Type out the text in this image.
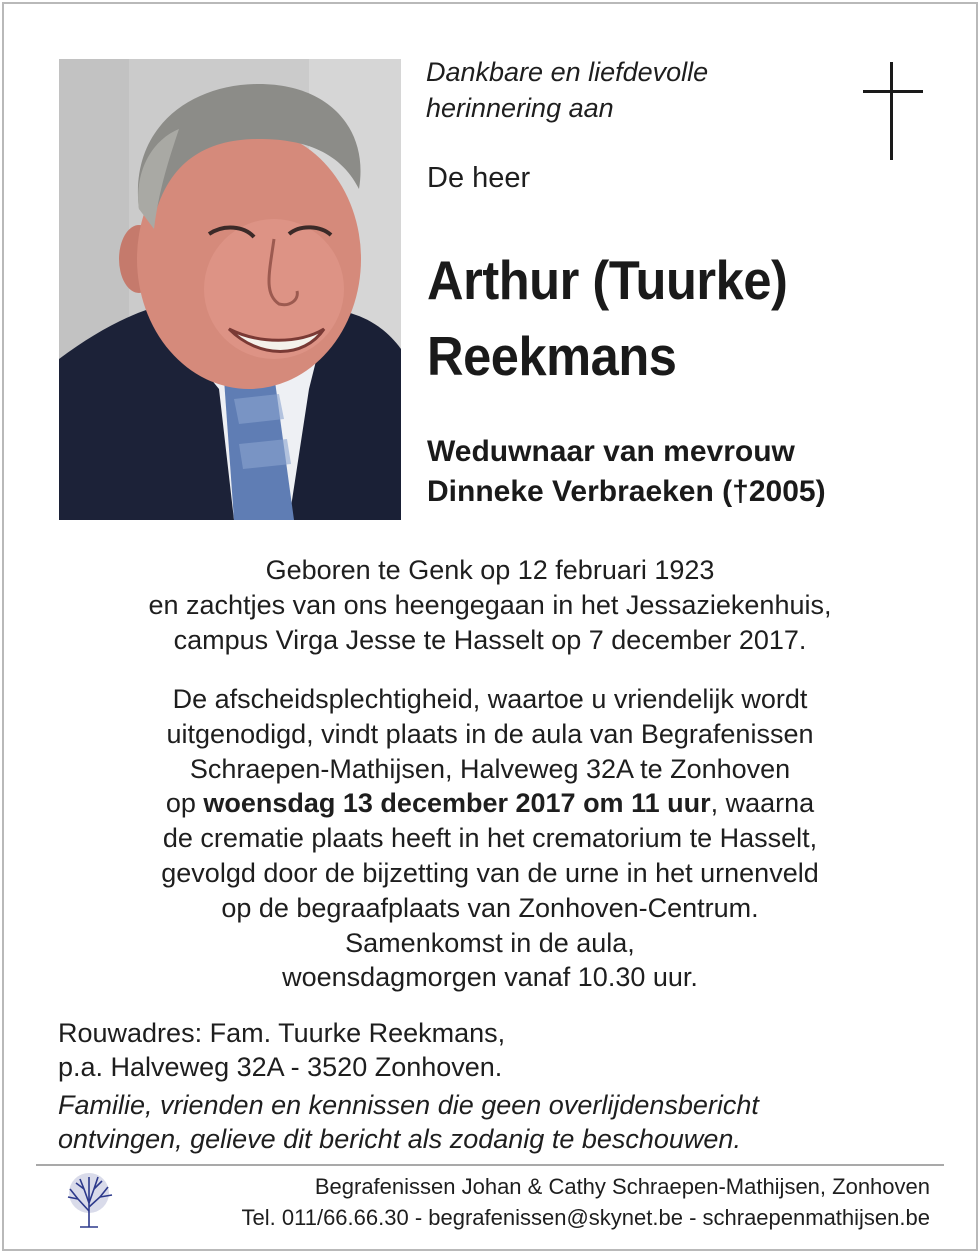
Dankbare en liefdevolle
herinnering aan
De heer
Arthur (Tuurke)
Reekmans
Weduwnaar van mevrouw
Dinneke Verbraeken (†2005)
Geboren te Genk op 12 februari 1923
en zachtjes van ons heengegaan in het Jessaziekenhuis,
campus Virga Jesse te Hasselt op 7 december 2017.
De afscheidsplechtigheid, waartoe u vriendelijk wordt
uitgenodigd, vindt plaats in de aula van Begrafenissen
Schraepen-Mathijsen, Halveweg 32A te Zonhoven
op woensdag 13 december 2017 om 11 uur, waarna
de crematie plaats heeft in het crematorium te Hasselt,
gevolgd door de bijzetting van de urne in het urnenveld
op de begraafplaats van Zonhoven-Centrum.
Samenkomst in de aula,
woensdagmorgen vanaf 10.30 uur.
Rouwadres: Fam. Tuurke Reekmans,
p.a. Halveweg 32A - 3520 Zonhoven.
Familie, vrienden en kennissen die geen overlijdensbericht
ontvingen, gelieve dit bericht als zodanig te beschouwen.
Begrafenissen Johan & Cathy Schraepen-Mathijsen, Zonhoven
Tel. 011/66.66.30 - begrafenissen@skynet.be - schraepenmathijsen.be
